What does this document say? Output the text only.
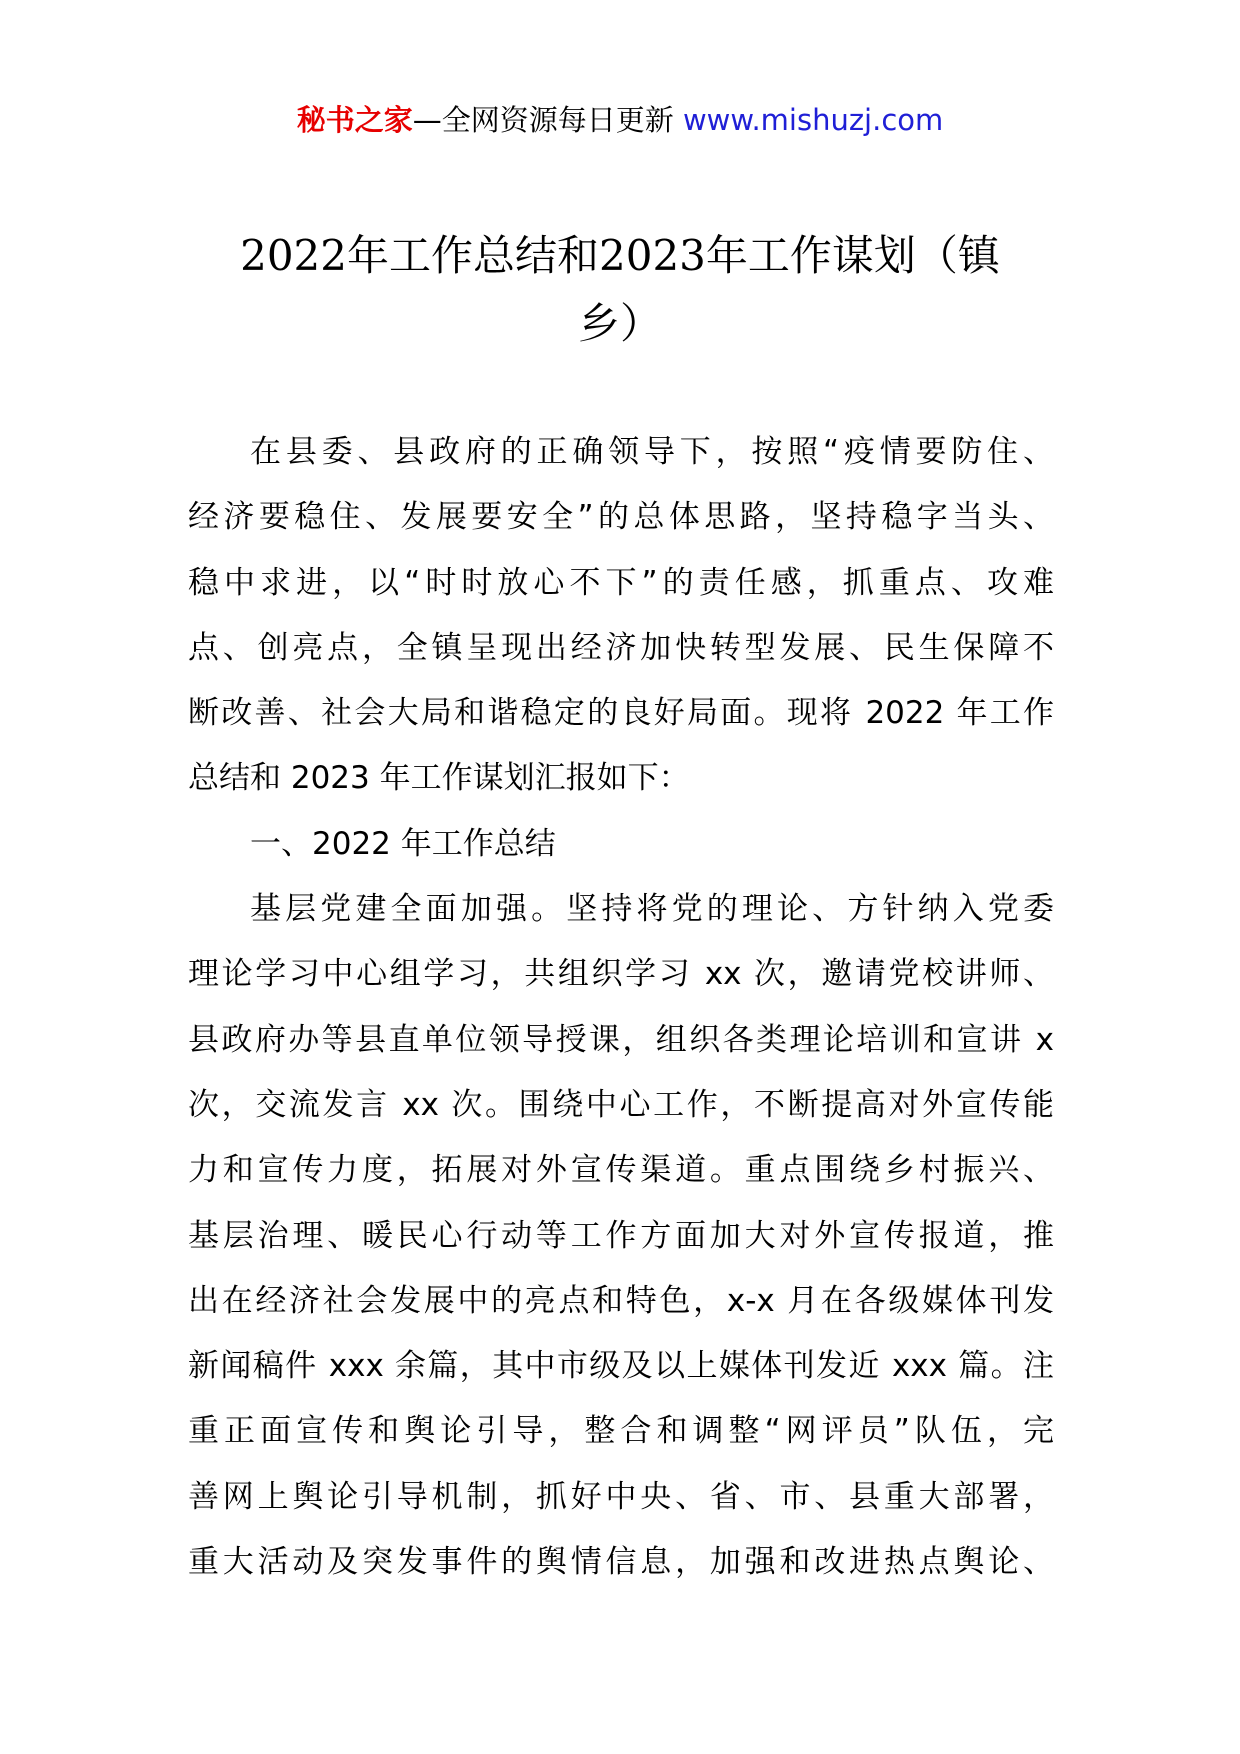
秘书之家—全网资源每日更新 www.mishuzj.com
2022年工作总结和2023年工作谋划（镇
乡）
在县委、县政府的正确领导下，按照“疫情要防住、
经济要稳住、发展要安全”的总体思路，坚持稳字当头、
稳中求进，以“时时放心不下”的责任感，抓重点、攻难
点、创亮点，全镇呈现出经济加快转型发展、民生保障不
断改善、社会大局和谐稳定的良好局面。现将 2022 年工作
总结和 2023 年工作谋划汇报如下：
一、2022 年工作总结
基层党建全面加强。坚持将党的理论、方针纳入党委
理论学习中心组学习，共组织学习 xx 次，邀请党校讲师、
县政府办等县直单位领导授课，组织各类理论培训和宣讲 x
次，交流发言 xx 次。围绕中心工作，不断提高对外宣传能
力和宣传力度，拓展对外宣传渠道。重点围绕乡村振兴、
基层治理、暖民心行动等工作方面加大对外宣传报道，推
出在经济社会发展中的亮点和特色，x-x 月在各级媒体刊发
新闻稿件 xxx 余篇，其中市级及以上媒体刊发近 xxx 篇。注
重正面宣传和舆论引导，整合和调整“网评员”队伍，完
善网上舆论引导机制，抓好中央、省、市、县重大部署，
重大活动及突发事件的舆情信息，加强和改进热点舆论、
